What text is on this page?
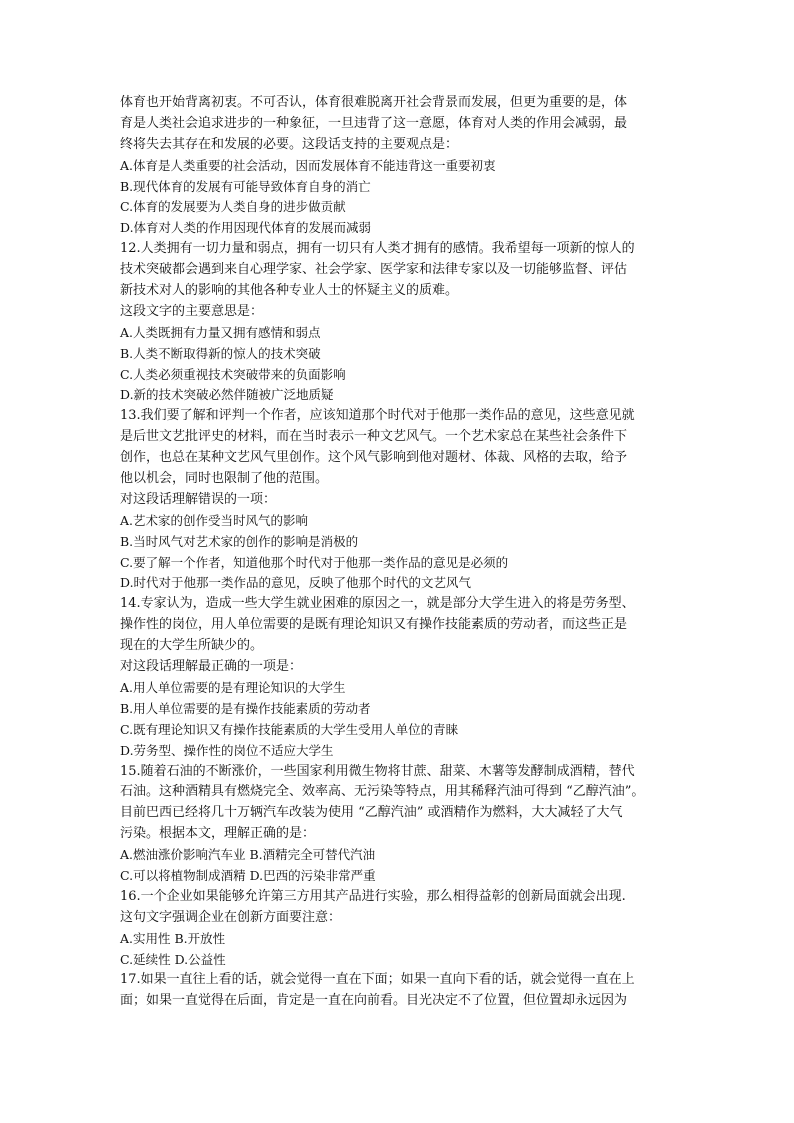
体育也开始背离初衷。不可否认，体育很难脱离开社会背景而发展，但更为重要的是，体
育是人类社会追求进步的一种象征，一旦违背了这一意愿，体育对人类的作用会减弱，最
终将失去其存在和发展的必要。这段话支持的主要观点是：
A.体育是人类重要的社会活动，因而发展体育不能违背这一重要初衷
B.现代体育的发展有可能导致体育自身的消亡
C.体育的发展要为人类自身的进步做贡献
D.体育对人类的作用因现代体育的发展而减弱
12.人类拥有一切力量和弱点，拥有一切只有人类才拥有的感情。我希望每一项新的惊人的
技术突破都会遇到来自心理学家、社会学家、医学家和法律专家以及一切能够监督、评估
新技术对人的影响的其他各种专业人士的怀疑主义的质难。
这段文字的主要意思是：
A.人类既拥有力量又拥有感情和弱点
B.人类不断取得新的惊人的技术突破
C.人类必须重视技术突破带来的负面影响
D.新的技术突破必然伴随被广泛地质疑
13.我们要了解和评判一个作者，应该知道那个时代对于他那一类作品的意见，这些意见就
是后世文艺批评史的材料，而在当时表示一种文艺风气。一个艺术家总在某些社会条件下
创作，也总在某种文艺风气里创作。这个风气影响到他对题材、体裁、风格的去取，给予
他以机会，同时也限制了他的范围。
对这段话理解错误的一项：
A.艺术家的创作受当时风气的影响
B.当时风气对艺术家的创作的影响是消极的
C.要了解一个作者，知道他那个时代对于他那一类作品的意见是必须的
D.时代对于他那一类作品的意见，反映了他那个时代的文艺风气
14.专家认为，造成一些大学生就业困难的原因之一，就是部分大学生进入的将是劳务型、
操作性的岗位，用人单位需要的是既有理论知识又有操作技能素质的劳动者，而这些正是
现在的大学生所缺少的。
对这段话理解最正确的一项是：
A.用人单位需要的是有理论知识的大学生
B.用人单位需要的是有操作技能素质的劳动者
C.既有理论知识又有操作技能素质的大学生受用人单位的青睐
D.劳务型、操作性的岗位不适应大学生
15.随着石油的不断涨价，一些国家利用微生物将甘蔗、甜菜、木薯等发酵制成酒精，替代
石油。这种酒精具有燃烧完全、效率高、无污染等特点，用其稀释汽油可得到 “乙醇汽油”。
目前巴西已经将几十万辆汽车改装为使用 “乙醇汽油” 或酒精作为燃料，大大减轻了大气
污染。根据本文，理解正确的是：
A.燃油涨价影响汽车业 B.酒精完全可替代汽油
C.可以将植物制成酒精 D.巴西的污染非常严重
16.一个企业如果能够允许第三方用其产品进行实验，那么相得益彰的创新局面就会出现.
这句文字强调企业在创新方面要注意：
A.实用性 B.开放性
C.延续性 D.公益性
17.如果一直往上看的话，就会觉得一直在下面；如果一直向下看的话，就会觉得一直在上
面；如果一直觉得在后面，肯定是一直在向前看。目光决定不了位置，但位置却永远因为
